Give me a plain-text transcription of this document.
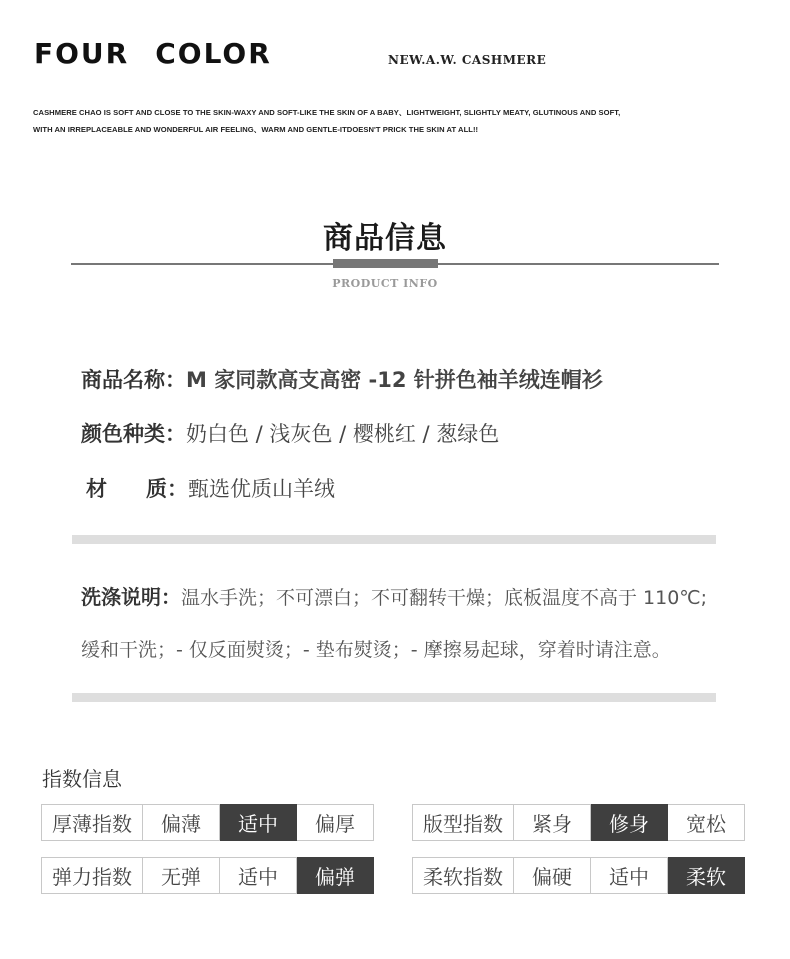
FOUR COLOR	NEW.A.W. CASHMERE
CASHMERE CHAO IS SOFT AND CLOSE TO THE SKIN-WAXY AND SOFT-LIKE THE SKIN OF A BABY、LIGHTWEIGHT, SLIGHTLY MEATY, GLUTINOUS AND SOFT,
WITH AN IRREPLACEABLE AND WONDERFUL AIR FEELING、WARM AND GENTLE-ITDOESN'T PRICK THE SKIN AT ALL!!
商品信息
PRODUCT INFO
商品名称：M 家同款高支高密 -12 针拼色袖羊绒连帽衫
颜色种类：奶白色 / 浅灰色 / 樱桃红 / 葱绿色
材 质：甄选优质山羊绒
洗涤说明：温水手洗；不可漂白；不可翻转干燥；底板温度不高于 110℃;
缓和干洗；- 仅反面熨烫；- 垫布熨烫；- 摩擦易起球，穿着时请注意。
指数信息
厚薄指数	偏薄	适中	偏厚
弹力指数	无弹	适中	偏弹
版型指数	紧身	修身	宽松
柔软指数	偏硬	适中	柔软
